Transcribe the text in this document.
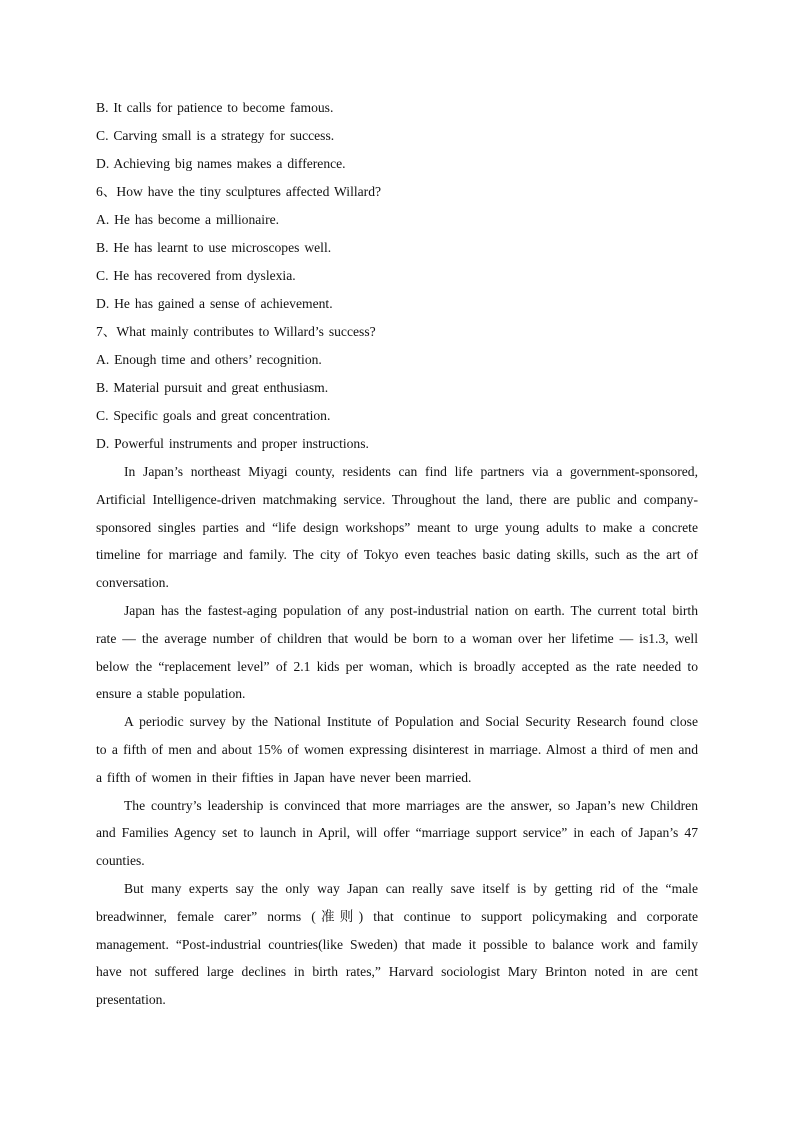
B. It calls for patience to become famous.
C. Carving small is a strategy for success.
D. Achieving big names makes a difference.
6、How have the tiny sculptures affected Willard?
A. He has become a millionaire.
B. He has learnt to use microscopes well.
C. He has recovered from dyslexia.
D. He has gained a sense of achievement.
7、What mainly contributes to Willard’s success?
A. Enough time and others’ recognition.
B. Material pursuit and great enthusiasm.
C. Specific goals and great concentration.
D. Powerful instruments and proper instructions.

In Japan’s northeast Miyagi county, residents can find life partners via a government-sponsored, Artificial Intelligence-driven matchmaking service. Throughout the land, there are public and company-sponsored singles parties and “life design workshops” meant to urge young adults to make a concrete timeline for marriage and family. The city of Tokyo even teaches basic dating skills, such as the art of conversation.

Japan has the fastest-aging population of any post-industrial nation on earth. The current total birth rate — the average number of children that would be born to a woman over her lifetime — is1.3, well below the “replacement level” of 2.1 kids per woman, which is broadly accepted as the rate needed to ensure a stable population.

A periodic survey by the National Institute of Population and Social Security Research found close to a fifth of men and about 15% of women expressing disinterest in marriage. Almost a third of men and a fifth of women in their fifties in Japan have never been married.

The country’s leadership is convinced that more marriages are the answer, so Japan’s new Children and Families Agency set to launch in April, will offer “marriage support service” in each of Japan’s 47 counties.

But many experts say the only way Japan can really save itself is by getting rid of the “male breadwinner, female carer” norms (准则) that continue to support policymaking and corporate management. “Post-industrial countries(like Sweden) that made it possible to balance work and family have not suffered large declines in birth rates,” Harvard sociologist Mary Brinton noted in are cent presentation.
